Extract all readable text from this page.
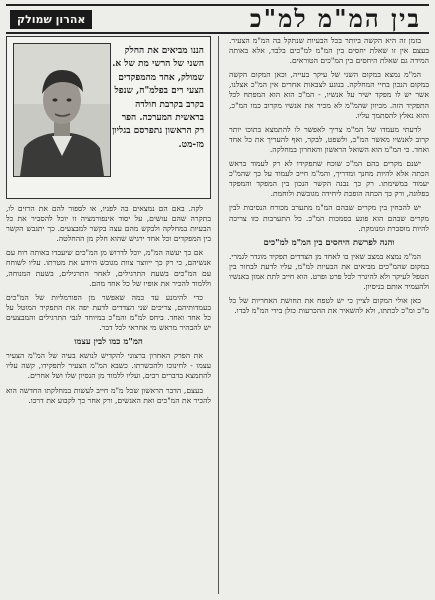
בין המ"מ למ"כ
אהרון שמולק

בזמן זה היא הקשה ביותר בכל הבעיות שנתקל בה המ"מ הצעיר. בעצם אין זו שאלת יחסים בין המ"מ למ"כים בלבד, אלא באותה המידה גם שאלת היחסים בין המ"כים הטוראים.

המ"מ נמצא במקום השני של עיקר בעייה, וכאן המקום הקשה במקום הנכון בחיי המחלקה. בנוגע לצבאות אחרים אין המ"כ אצלנו, אשר יש לו מפקד ישיר על אנשיו, - המ"כ הוא הוא המפתח לכל התפקיד הזה. מכיוון שהמ"מ לא מכיר את אנשיו מקרוב כמו המ"כ, והוא נאלץ להסתמך עליו.

לדעתי מעמדו של המ"מ צריך לאפשר לו להתמצא בתוכו יותר קרוב לאנשיו מאשר המ"כ, ולשפט, לבקר, ואף להעריך את כל אחד ואחד. כי המ"מ הוא השואל הראשון והאחרון במחלקה.

ישנם מקרים בהם המ"כ שוכח שתפקידו לא רק לעמוד בראש הכתה אלא להיות מחנך ומדריך, והמ"מ חייב לעמוד על כך שהמ"כ יעמוד במשימתו. רק כך נבנה הקשר הנכון בין המפקד והמפקד בפלוגה, ורק כך הכתה הופכת ליחידה מגובשת ולוחמת.

יש להבחין בין מקרים שבהם המ"מ מתערב מכורח הנסיבות לבין מקרים שבהם הוא פוגע בסמכות המ"כ. כל התערבות כזו צריכה להיות מוסברת ומנומקת.

והנה לפרשת היחסים בין המ"מ למ"כים

המ"מ נמצא במצב שאין בו לאחד מן הצדדים תפקיד מוגדר לגמרי. במקום שהמ"כים מביאים את הבעיות למ"מ, עליו לדעת לבחור בין הטפל לעיקר ולא להיגרר לכל פרט ופרט. הוא חייב לתת אמון באנשיו ולהעמיד אותם בניסיון.

כאן אולי המקום לציין כי יש לטפח את תחושת האחריות של כל מ"כ ומ"כ לכתתו, ולא להשאיר את ההכרעות כולן בידי המ"מ לבדו.

הננו מביאים את החלק השני של הרשי מת של א. שמולק, אחד מהמפקדים הצעי רים בפלמ"ח, שנפל בקרב בקרבת חולדה בראשית המערכה. הפר רק הראשון נתפרסם בגליון מז-מט.

לקה. באם הם נמצאים בה לפניו, או לספור להם את הרזים לו, בתקרה שהם עושים, על יסוד אינפורמציה זו יוכל להסביר את כל הבעיות במחלקה ולבקש מהם עצה בקשר למבצעים. כך יתגבש הקשר בין המפקדים וכל אחד ירגיש שהוא חלק מן ההחלטה.

אם כך יעשה המ"מ, יוכל לדרוש מן המ"כים שיעבדו באותה רוח עם אנשיהם, כי רק כך ייווצר צוות מגובש היודע את מטרתו. עליו לשוחח עם המ"כים בשעת התרגילים, לאחר התרגילים, בשעת המנוחה, וללמוד להכיר את אופיו של כל אחד מהם.

כדי להימנע עד כמה שאפשר מן הפורמליות של המ"כים בעמדותיהם, צריכים שני הצדדים לדעת יפה את התפקיד המוטל על כל אחד ואחד. ביחס למ"מ והמ"כ במיוחד לגבי התרגילים והמבצעים יש להבהיר מראש מי אחראי לכל דבר.

המ"מ כמו לבין עצמו

את הפרק האחרון ברצוני להקדיש לנושא בעיה של המ"מ הצעיר עצמו - לחינוכו ולהכשרתו. כשבא המ"מ הצעיר לתפקידו, קשה עליו להתמצא בדברים רבים, ועליו ללמוד מן הנסיון שלו ושל אחרים.

בעצם, הדבר הראשון שכל מ"מ חייב לעשות במחלקתו החדשה הוא להכיר את המ"כים ואת האנשים, ורק אחר כך לקבוע את דרכו.
